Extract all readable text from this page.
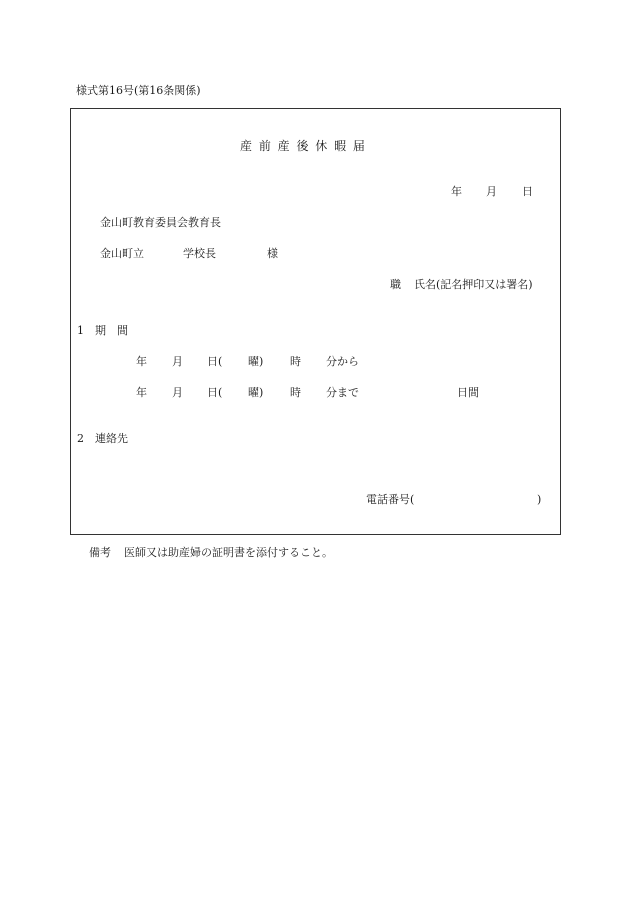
様式第16号(第16条関係)
産 前 産 後 休 暇 届
年 月 日
金山町教育委員会教育長
金山町立	学校長	様
職 氏名(記名押印又は署名)
1 期　間
年 月 日( 曜) 時 分から
年 月 日( 曜) 時 分まで	日間
2 連絡先
電話番号(	)
備考 医師又は助産婦の証明書を添付すること。
